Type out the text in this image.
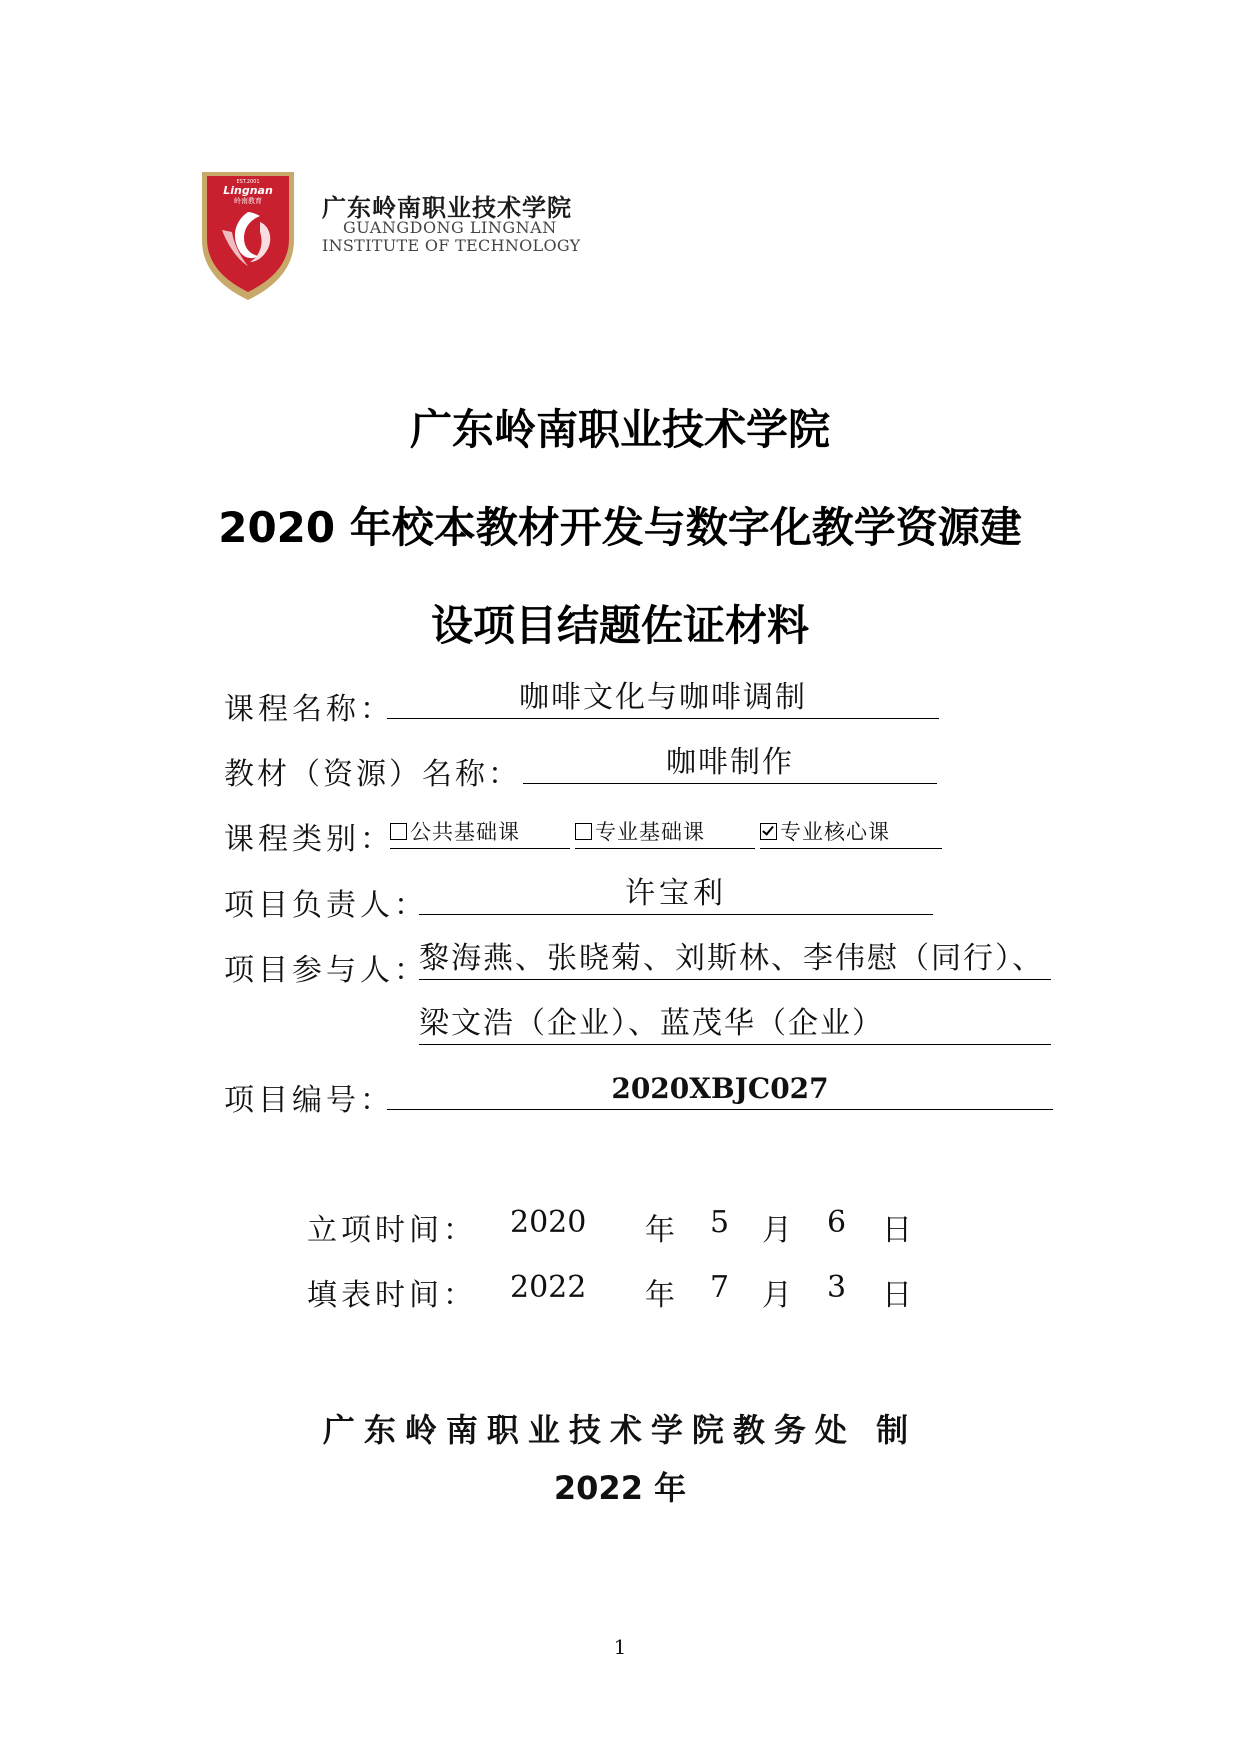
EST.2001
Lingnan
岭南教育	广东岭南职业技术学院
GUANGDONG LINGNAN
INSTITUTE OF TECHNOLOGY
广东岭南职业技术学院
2020 年校本教材开发与数字化教学资源建
设项目结题佐证材料
课程名称：	咖啡文化与咖啡调制
教材（资源）名称：	咖啡制作
课程类别： 公共基础课	专业基础课	专业核心课
项目负责人：	许宝利
项目参与人：
黎海燕、张晓菊、刘斯林、李伟慰（同行）、
梁文浩（企业）、蓝茂华（企业）
项目编号：	2020XBJC027
立项时间： 2020 年 5 月 6 日
填表时间： 2022 年 7 月 3 日
广东岭南职业技术学院教务处 制
2022 年
1
